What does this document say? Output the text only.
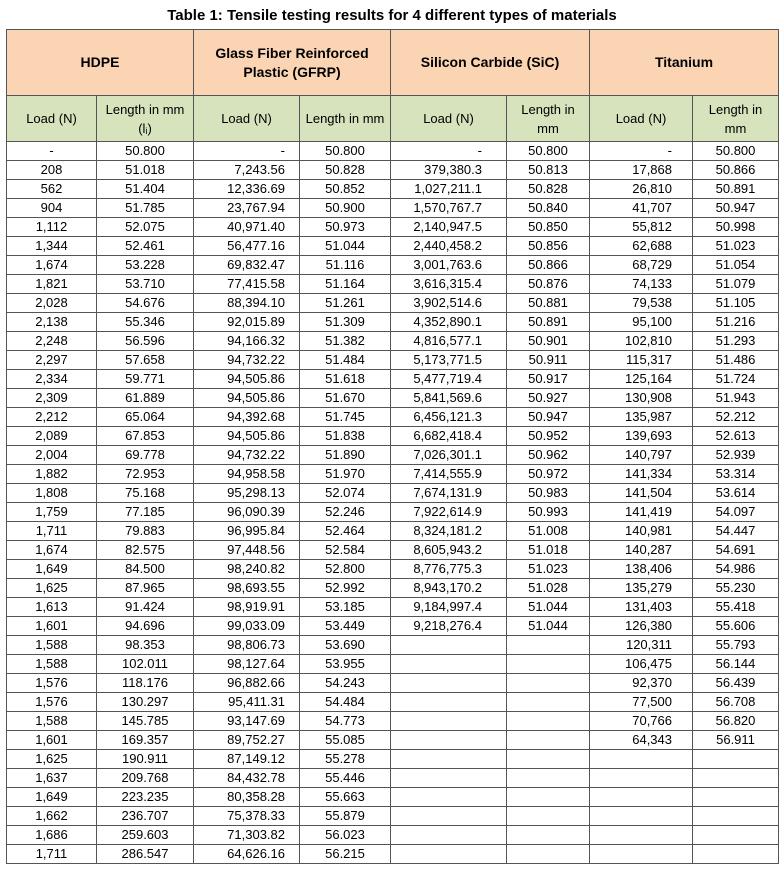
Table 1: Tensile testing results for 4 different types of materials
HDPE		Glass Fiber Reinforced Plastic (GFRP)		Silicon Carbide (SiC)		Titanium	
Load (N)	Length in mm (lᵢ)	Load (N)	Length in mm	Load (N)	Length in mm	Load (N)	Length in mm
-	50.800	-	50.800	-	50.800	-	50.800
208	51.018	7,243.56	50.828	379,380.3	50.813	17,868	50.866
562	51.404	12,336.69	50.852	1,027,211.1	50.828	26,810	50.891
904	51.785	23,767.94	50.900	1,570,767.7	50.840	41,707	50.947
1,112	52.075	40,971.40	50.973	2,140,947.5	50.850	55,812	50.998
1,344	52.461	56,477.16	51.044	2,440,458.2	50.856	62,688	51.023
1,674	53.228	69,832.47	51.116	3,001,763.6	50.866	68,729	51.054
1,821	53.710	77,415.58	51.164	3,616,315.4	50.876	74,133	51.079
2,028	54.676	88,394.10	51.261	3,902,514.6	50.881	79,538	51.105
2,138	55.346	92,015.89	51.309	4,352,890.1	50.891	95,100	51.216
2,248	56.596	94,166.32	51.382	4,816,577.1	50.901	102,810	51.293
2,297	57.658	94,732.22	51.484	5,173,771.5	50.911	115,317	51.486
2,334	59.771	94,505.86	51.618	5,477,719.4	50.917	125,164	51.724
2,309	61.889	94,505.86	51.670	5,841,569.6	50.927	130,908	51.943
2,212	65.064	94,392.68	51.745	6,456,121.3	50.947	135,987	52.212
2,089	67.853	94,505.86	51.838	6,682,418.4	50.952	139,693	52.613
2,004	69.778	94,732.22	51.890	7,026,301.1	50.962	140,797	52.939
1,882	72.953	94,958.58	51.970	7,414,555.9	50.972	141,334	53.314
1,808	75.168	95,298.13	52.074	7,674,131.9	50.983	141,504	53.614
1,759	77.185	96,090.39	52.246	7,922,614.9	50.993	141,419	54.097
1,711	79.883	96,995.84	52.464	8,324,181.2	51.008	140,981	54.447
1,674	82.575	97,448.56	52.584	8,605,943.2	51.018	140,287	54.691
1,649	84.500	98,240.82	52.800	8,776,775.3	51.023	138,406	54.986
1,625	87.965	98,693.55	52.992	8,943,170.2	51.028	135,279	55.230
1,613	91.424	98,919.91	53.185	9,184,997.4	51.044	131,403	55.418
1,601	94.696	99,033.09	53.449	9,218,276.4	51.044	126,380	55.606
1,588	98.353	98,806.73	53.690			120,311	55.793
1,588	102.011	98,127.64	53.955			106,475	56.144
1,576	118.176	96,882.66	54.243			92,370	56.439
1,576	130.297	95,411.31	54.484			77,500	56.708
1,588	145.785	93,147.69	54.773			70,766	56.820
1,601	169.357	89,752.27	55.085			64,343	56.911
1,625	190.911	87,149.12	55.278				
1,637	209.768	84,432.78	55.446				
1,649	223.235	80,358.28	55.663				
1,662	236.707	75,378.33	55.879				
1,686	259.603	71,303.82	56.023				
1,711	286.547	64,626.16	56.215				
